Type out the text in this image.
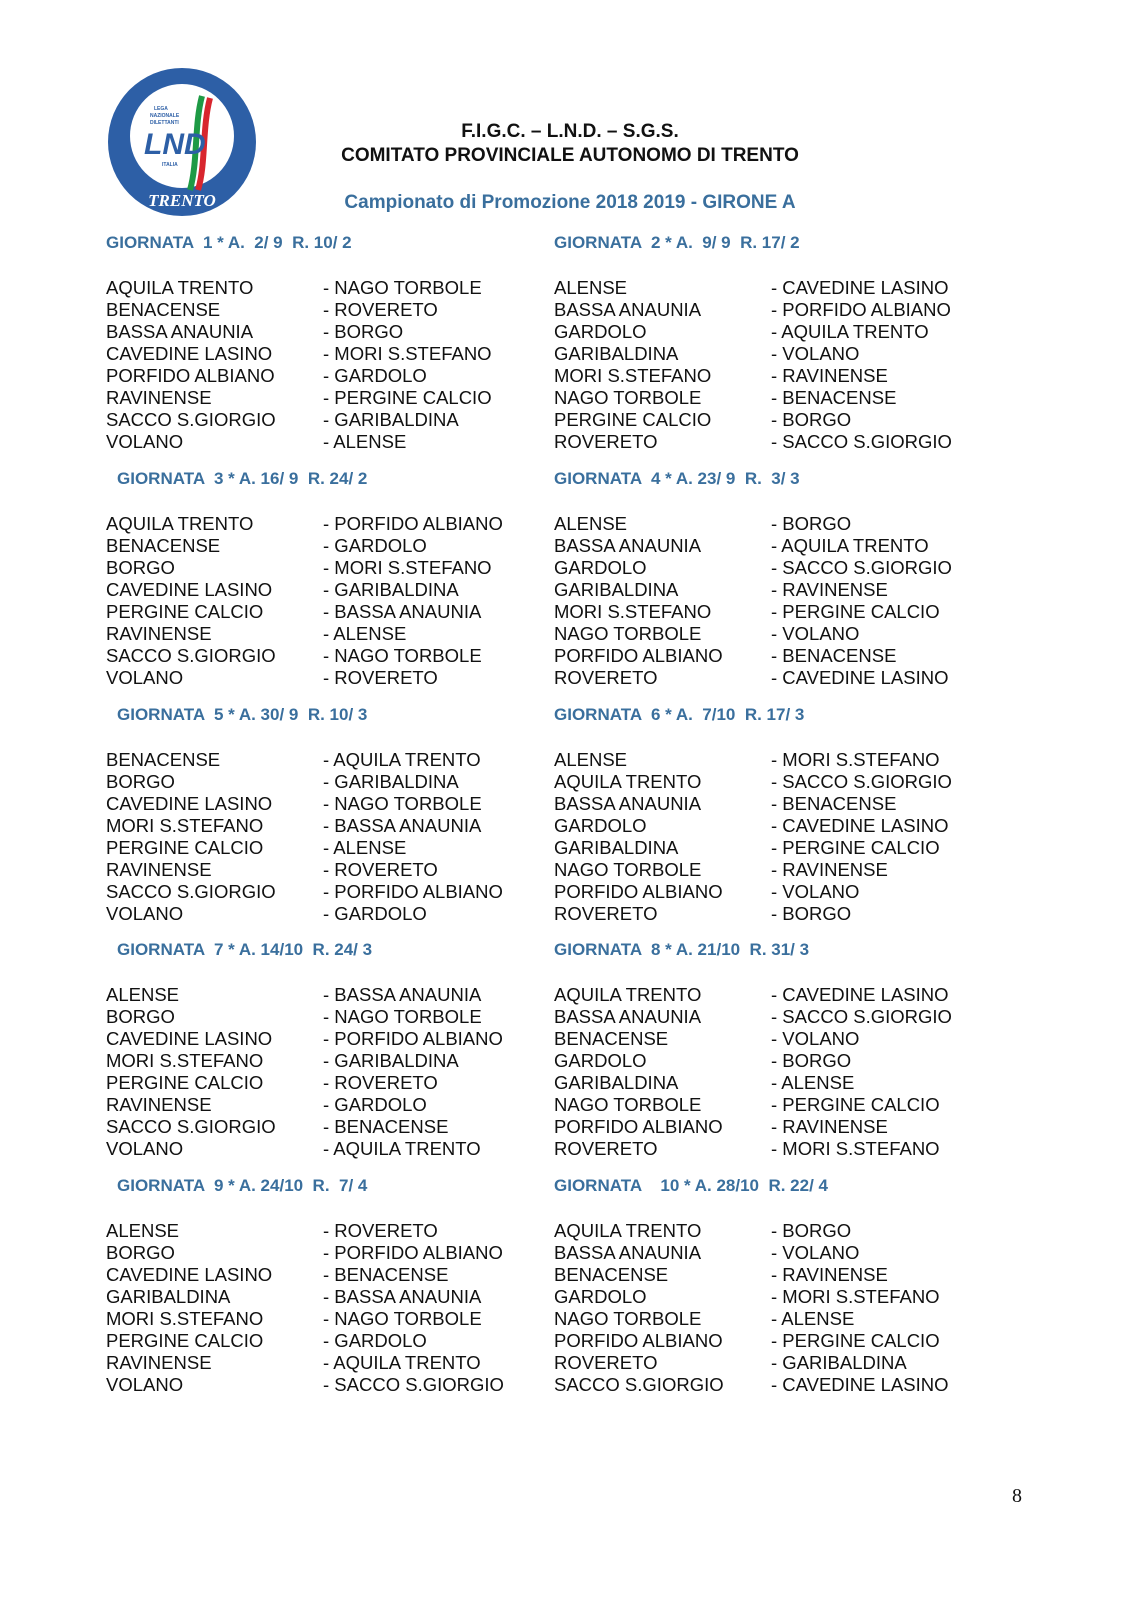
LEGA
NAZIONALE
DILETTANTI
LND
ITALIA
TRENTO
F.I.G.C. – L.N.D. – S.G.S.
COMITATO PROVINCIALE AUTONOMO DI TRENTO
Campionato di Promozione 2018 2019 - GIRONE A
GIORNATA  1 * A.  2/ 9  R. 10/ 2
AQUILA TRENTO	- NAGO TORBOLE
BENACENSE	- ROVERETO
BASSA ANAUNIA	- BORGO
CAVEDINE LASINO	- MORI S.STEFANO
PORFIDO ALBIANO	- GARDOLO
RAVINENSE	- PERGINE CALCIO
SACCO S.GIORGIO	- GARIBALDINA
VOLANO	- ALENSE
GIORNATA  2 * A.  9/ 9  R. 17/ 2
ALENSE	- CAVEDINE LASINO
BASSA ANAUNIA	- PORFIDO ALBIANO
GARDOLO	- AQUILA TRENTO
GARIBALDINA	- VOLANO
MORI S.STEFANO	- RAVINENSE
NAGO TORBOLE	- BENACENSE
PERGINE CALCIO	- BORGO
ROVERETO	- SACCO S.GIORGIO
GIORNATA  3 * A. 16/ 9  R. 24/ 2
AQUILA TRENTO	- PORFIDO ALBIANO
BENACENSE	- GARDOLO
BORGO	- MORI S.STEFANO
CAVEDINE LASINO	- GARIBALDINA
PERGINE CALCIO	- BASSA ANAUNIA
RAVINENSE	- ALENSE
SACCO S.GIORGIO	- NAGO TORBOLE
VOLANO	- ROVERETO
GIORNATA  4 * A. 23/ 9  R.  3/ 3
ALENSE	- BORGO
BASSA ANAUNIA	- AQUILA TRENTO
GARDOLO	- SACCO S.GIORGIO
GARIBALDINA	- RAVINENSE
MORI S.STEFANO	- PERGINE CALCIO
NAGO TORBOLE	- VOLANO
PORFIDO ALBIANO	- BENACENSE
ROVERETO	- CAVEDINE LASINO
GIORNATA  5 * A. 30/ 9  R. 10/ 3
BENACENSE	- AQUILA TRENTO
BORGO	- GARIBALDINA
CAVEDINE LASINO	- NAGO TORBOLE
MORI S.STEFANO	- BASSA ANAUNIA
PERGINE CALCIO	- ALENSE
RAVINENSE	- ROVERETO
SACCO S.GIORGIO	- PORFIDO ALBIANO
VOLANO	- GARDOLO
GIORNATA  6 * A.  7/10  R. 17/ 3
ALENSE	- MORI S.STEFANO
AQUILA TRENTO	- SACCO S.GIORGIO
BASSA ANAUNIA	- BENACENSE
GARDOLO	- CAVEDINE LASINO
GARIBALDINA	- PERGINE CALCIO
NAGO TORBOLE	- RAVINENSE
PORFIDO ALBIANO	- VOLANO
ROVERETO	- BORGO
GIORNATA  7 * A. 14/10  R. 24/ 3
ALENSE	- BASSA ANAUNIA
BORGO	- NAGO TORBOLE
CAVEDINE LASINO	- PORFIDO ALBIANO
MORI S.STEFANO	- GARIBALDINA
PERGINE CALCIO	- ROVERETO
RAVINENSE	- GARDOLO
SACCO S.GIORGIO	- BENACENSE
VOLANO	- AQUILA TRENTO
GIORNATA  8 * A. 21/10  R. 31/ 3
AQUILA TRENTO	- CAVEDINE LASINO
BASSA ANAUNIA	- SACCO S.GIORGIO
BENACENSE	- VOLANO
GARDOLO	- BORGO
GARIBALDINA	- ALENSE
NAGO TORBOLE	- PERGINE CALCIO
PORFIDO ALBIANO	- RAVINENSE
ROVERETO	- MORI S.STEFANO
GIORNATA  9 * A. 24/10  R.  7/ 4
ALENSE	- ROVERETO
BORGO	- PORFIDO ALBIANO
CAVEDINE LASINO	- BENACENSE
GARIBALDINA	- BASSA ANAUNIA
MORI S.STEFANO	- NAGO TORBOLE
PERGINE CALCIO	- GARDOLO
RAVINENSE	- AQUILA TRENTO
VOLANO	- SACCO S.GIORGIO
GIORNATA    10 * A. 28/10  R. 22/ 4
AQUILA TRENTO	- BORGO
BASSA ANAUNIA	- VOLANO
BENACENSE	- RAVINENSE
GARDOLO	- MORI S.STEFANO
NAGO TORBOLE	- ALENSE
PORFIDO ALBIANO	- PERGINE CALCIO
ROVERETO	- GARIBALDINA
SACCO S.GIORGIO	- CAVEDINE LASINO
8
